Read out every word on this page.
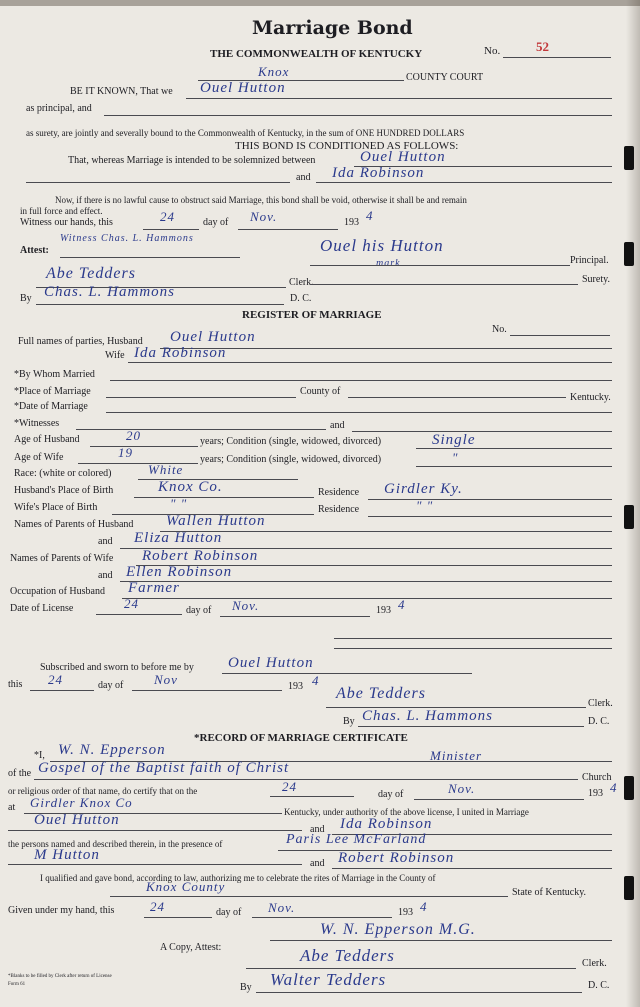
Marriage Bond
THE COMMONWEALTH OF KENTUCKY	No.	52
Knox	COUNTY COURT
BE IT KNOWN, That we Ouel Hutton
as principal, and
as surety, are jointly and severally bound to the Commonwealth of Kentucky, in the sum of ONE HUNDRED DOLLARS
THIS BOND IS CONDITIONED AS FOLLOWS:
That, whereas Marriage is intended to be solemnized between	Ouel Hutton
and Ida Robinson
Now, if there is no lawful cause to obstruct said Marriage, this bond shall be void, otherwise it shall be and remain
in full force and effect.
Witness our hands, this	24	day of Nov.	193 4
Attest:
Witness Chas. L. Hammons	Ouel his Hutton
mark	Principal.
Abe Tedders
Clerk.	Surety.
By Chas. L. Hammons	D. C.
REGISTER OF MARRIAGE
No.
Full names of parties, Husband Ouel Hutton
Wife Ida Robinson
*By Whom Married
*Place of Marriage	County of
Kentucky.
*Date of Marriage
*Witnesses	and
Age of Husband	20	years; Condition (single, widowed, divorced)	Single
Age of Wife	19	years; Condition (single, widowed, divorced)	"
Race: (white or colored)	White
Husband's Place of Birth	Knox Co.	Residence Girdler Ky.
Wife's Place of Birth	" "	Residence	" "
Names of Parents of Husband Wallen Hutton
and Eliza Hutton
Names of Parents of Wife Robert Robinson
and Ellen Robinson
Occupation of Husband Farmer
Date of License	24	day of Nov.	193 4
Subscribed and sworn to before me by Ouel Hutton
this 24	day of Nov	193 4
Abe Tedders
Clerk.
By Chas. L. Hammons	D. C.
*RECORD OF MARRIAGE CERTIFICATE
*I, W. N. Epperson	Minister
of the Gospel of the Baptist faith of Christ
Church
or religious order of that name, do certify that on the	24
day of	Nov.	193 4
at Girdler Knox Co
Kentucky, under authority of the above license, I united in Marriage
Ouel Hutton
and Ida Robinson
the persons named and described therein, in the presence of	Paris Lee McFarland
M Hutton
and Robert Robinson
I qualified and gave bond, according to law, authorizing me to celebrate the rites of Marriage in the County of
Knox County	State of Kentucky.
Given under my hand, this	24	day of Nov.	193 4
A Copy, Attest:
W. N. Epperson M.G.
Abe Tedders	Clerk.
By Walter Tedders	D. C.
*Blanks to be filled by Clerk after return of License
Form 61
